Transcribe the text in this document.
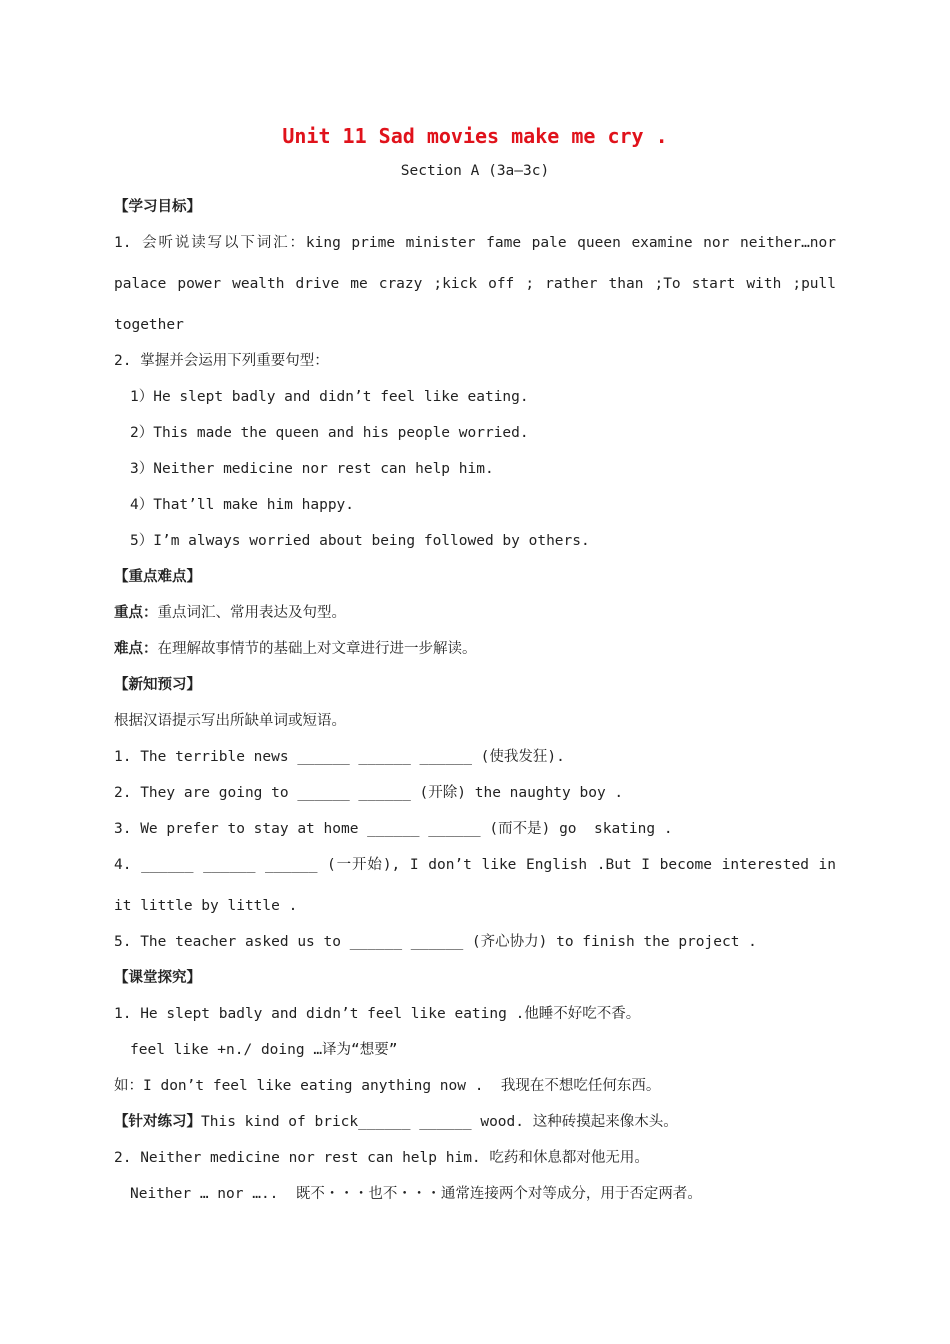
Unit 11 Sad movies make me cry .
Section A (3a—3c)
【学习目标】
1. 会听说读写以下词汇：king prime minister fame pale queen examine nor neither…nor
palace power wealth drive me crazy ;kick off ; rather than ;To start with ;pull
together
2. 掌握并会运用下列重要句型：
1）He slept badly and didn’t feel like eating.
2）This made the queen and his people worried.
3）Neither medicine nor rest can help him.
4）That’ll make him happy.
5）I’m always worried about being followed by others.
【重点难点】
重点：重点词汇、常用表达及句型。
难点：在理解故事情节的基础上对文章进行进一步解读。
【新知预习】
根据汉语提示写出所缺单词或短语。
1. The terrible news ______ ______ ______ (使我发狂).
2. They are going to ______ ______ (开除) the naughty boy .
3. We prefer to stay at home ______ ______ (而不是) go  skating .
4. ______ ______ ______ (一开始), I don’t like English .But I become interested in
it little by little .
5. The teacher asked us to ______ ______ (齐心协力) to finish the project .
【课堂探究】
1. He slept badly and didn’t feel like eating .他睡不好吃不香。
feel like +n./ doing …译为“想要”
如：I don’t feel like eating anything now .  我现在不想吃任何东西。
【针对练习】This kind of brick______ ______ wood. 这种砖摸起来像木头。
2. Neither medicine nor rest can help him. 吃药和休息都对他无用。
Neither … nor …..  既不・・・也不・・・通常连接两个对等成分，用于否定两者。
